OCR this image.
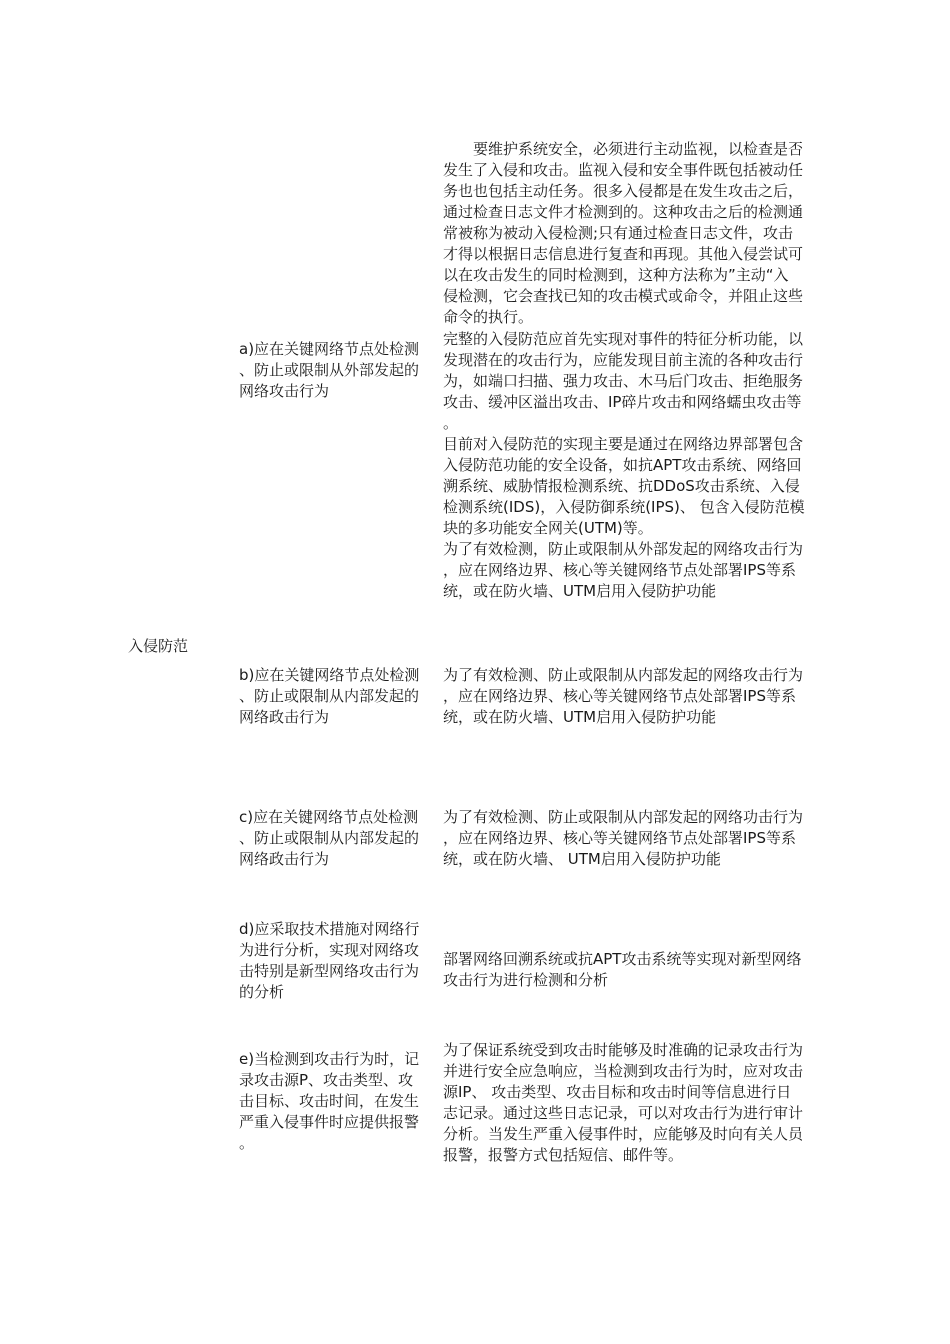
入侵防范
a)应在关键网络节点处检测
、防止或限制从外部发起的
网络攻击行为
要维护系统安全，必须进行主动监视，以检查是否
发生了入侵和攻击。监视入侵和安全事件既包括被动任
务也也包括主动任务。很多入侵都是在发生攻击之后，
通过检查日志文件才检测到的。这种攻击之后的检测通
常被称为被动入侵检测;只有通过检查日志文件，攻击
才得以根据日志信息进行复查和再现。其他入侵尝试可
以在攻击发生的同时检测到，这种方法称为”主动“入
侵检测，它会查找已知的攻击模式或命令，并阻止这些
命令的执行。
完整的入侵防范应首先实现对事件的特征分析功能，以
发现潜在的攻击行为，应能发现目前主流的各种攻击行
为，如端口扫描、强力攻击、木马后门攻击、拒绝服务
攻击、缓冲区溢出攻击、IP碎片攻击和网络蠕虫攻击等
。
目前对入侵防范的实现主要是通过在网络边界部署包含
入侵防范功能的安全设备，如抗APT攻击系统、网络回
溯系统、威胁情报检测系统、抗DDoS攻击系统、入侵
检测系统(IDS)，入侵防御系统(IPS)、 包含入侵防范模
块的多功能安全网关(UTM)等。
为了有效检测，防止或限制从外部发起的网络攻击行为
，应在网络边界、核心等关键网络节点处部署IPS等系
统，或在防火墙、UTM启用入侵防护功能
b)应在关键网络节点处检测
、防止或限制从内部发起的
网络政击行为
为了有效检测、防止或限制从内部发起的网络攻击行为
，应在网络边界、核心等关键网络节点处部署IPS等系
统，或在防火墙、UTM启用入侵防护功能
c)应在关键网络节点处检测
、防止或限制从内部发起的
网络政击行为
为了有效检测、防止或限制从内部发起的网络功击行为
，应在网络边界、核心等关键网络节点处部署IPS等系
统，或在防火墙、 UTM启用入侵防护功能
d)应采取技术措施对网络行
为进行分析，实现对网络攻
击特别是新型网络攻击行为
的分析
部署网络回溯系统或抗APT攻击系统等实现对新型网络
攻击行为进行检测和分析
e)当检测到攻击行为时，记
录攻击源P、攻击类型、攻
击目标、攻击时间，在发生
严重入侵事件时应提供报警
。
为了保证系统受到攻击时能够及时准确的记录攻击行为
并进行安全应急响应，当检测到攻击行为时，应对攻击
源IP、 攻击类型、攻击目标和攻击时间等信息进行日
志记录。通过这些日志记录，可以对攻击行为进行审计
分析。当发生严重入侵事件时，应能够及时向有关人员
报警，报警方式包括短信、邮件等。
